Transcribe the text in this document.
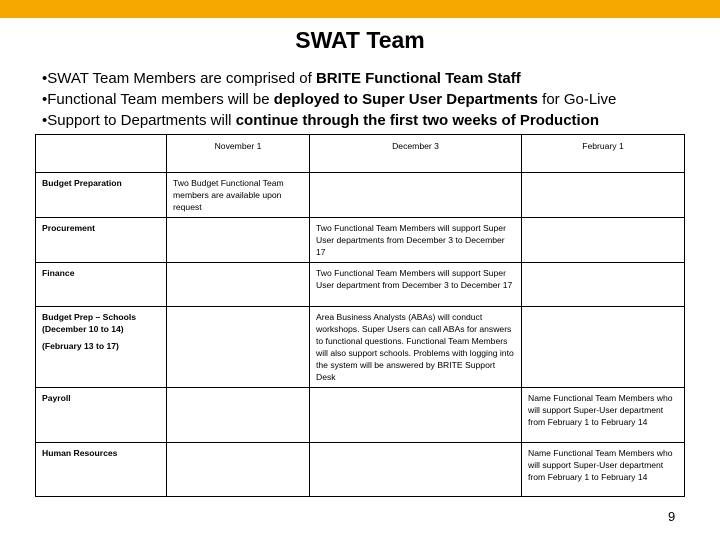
SWAT Team
•SWAT Team Members are comprised of BRITE Functional Team Staff
•Functional Team members will be deployed to Super User Departments for Go-Live
•Support to Departments will continue through the first two weeks of Production
	November 1	December 3	February 1
Budget Preparation	Two Budget Functional Team members are available upon request		
Procurement		Two Functional Team Members will support Super User departments from December 3 to December 17	
Finance		Two Functional Team Members will support Super User department from December 3 to December 17	
Budget Prep – Schools (December 10 to 14)
(February 13 to 17)		Area Business Analysts (ABAs) will conduct workshops. Super Users can call ABAs for answers to functional questions. Functional Team Members will also support schools. Problems with logging into the system will be answered by BRITE Support Desk	
Payroll			Name Functional Team Members who will support Super-User department from February 1 to February 14
Human Resources			Name Functional Team Members who will support Super-User department from February 1 to February 14
9
